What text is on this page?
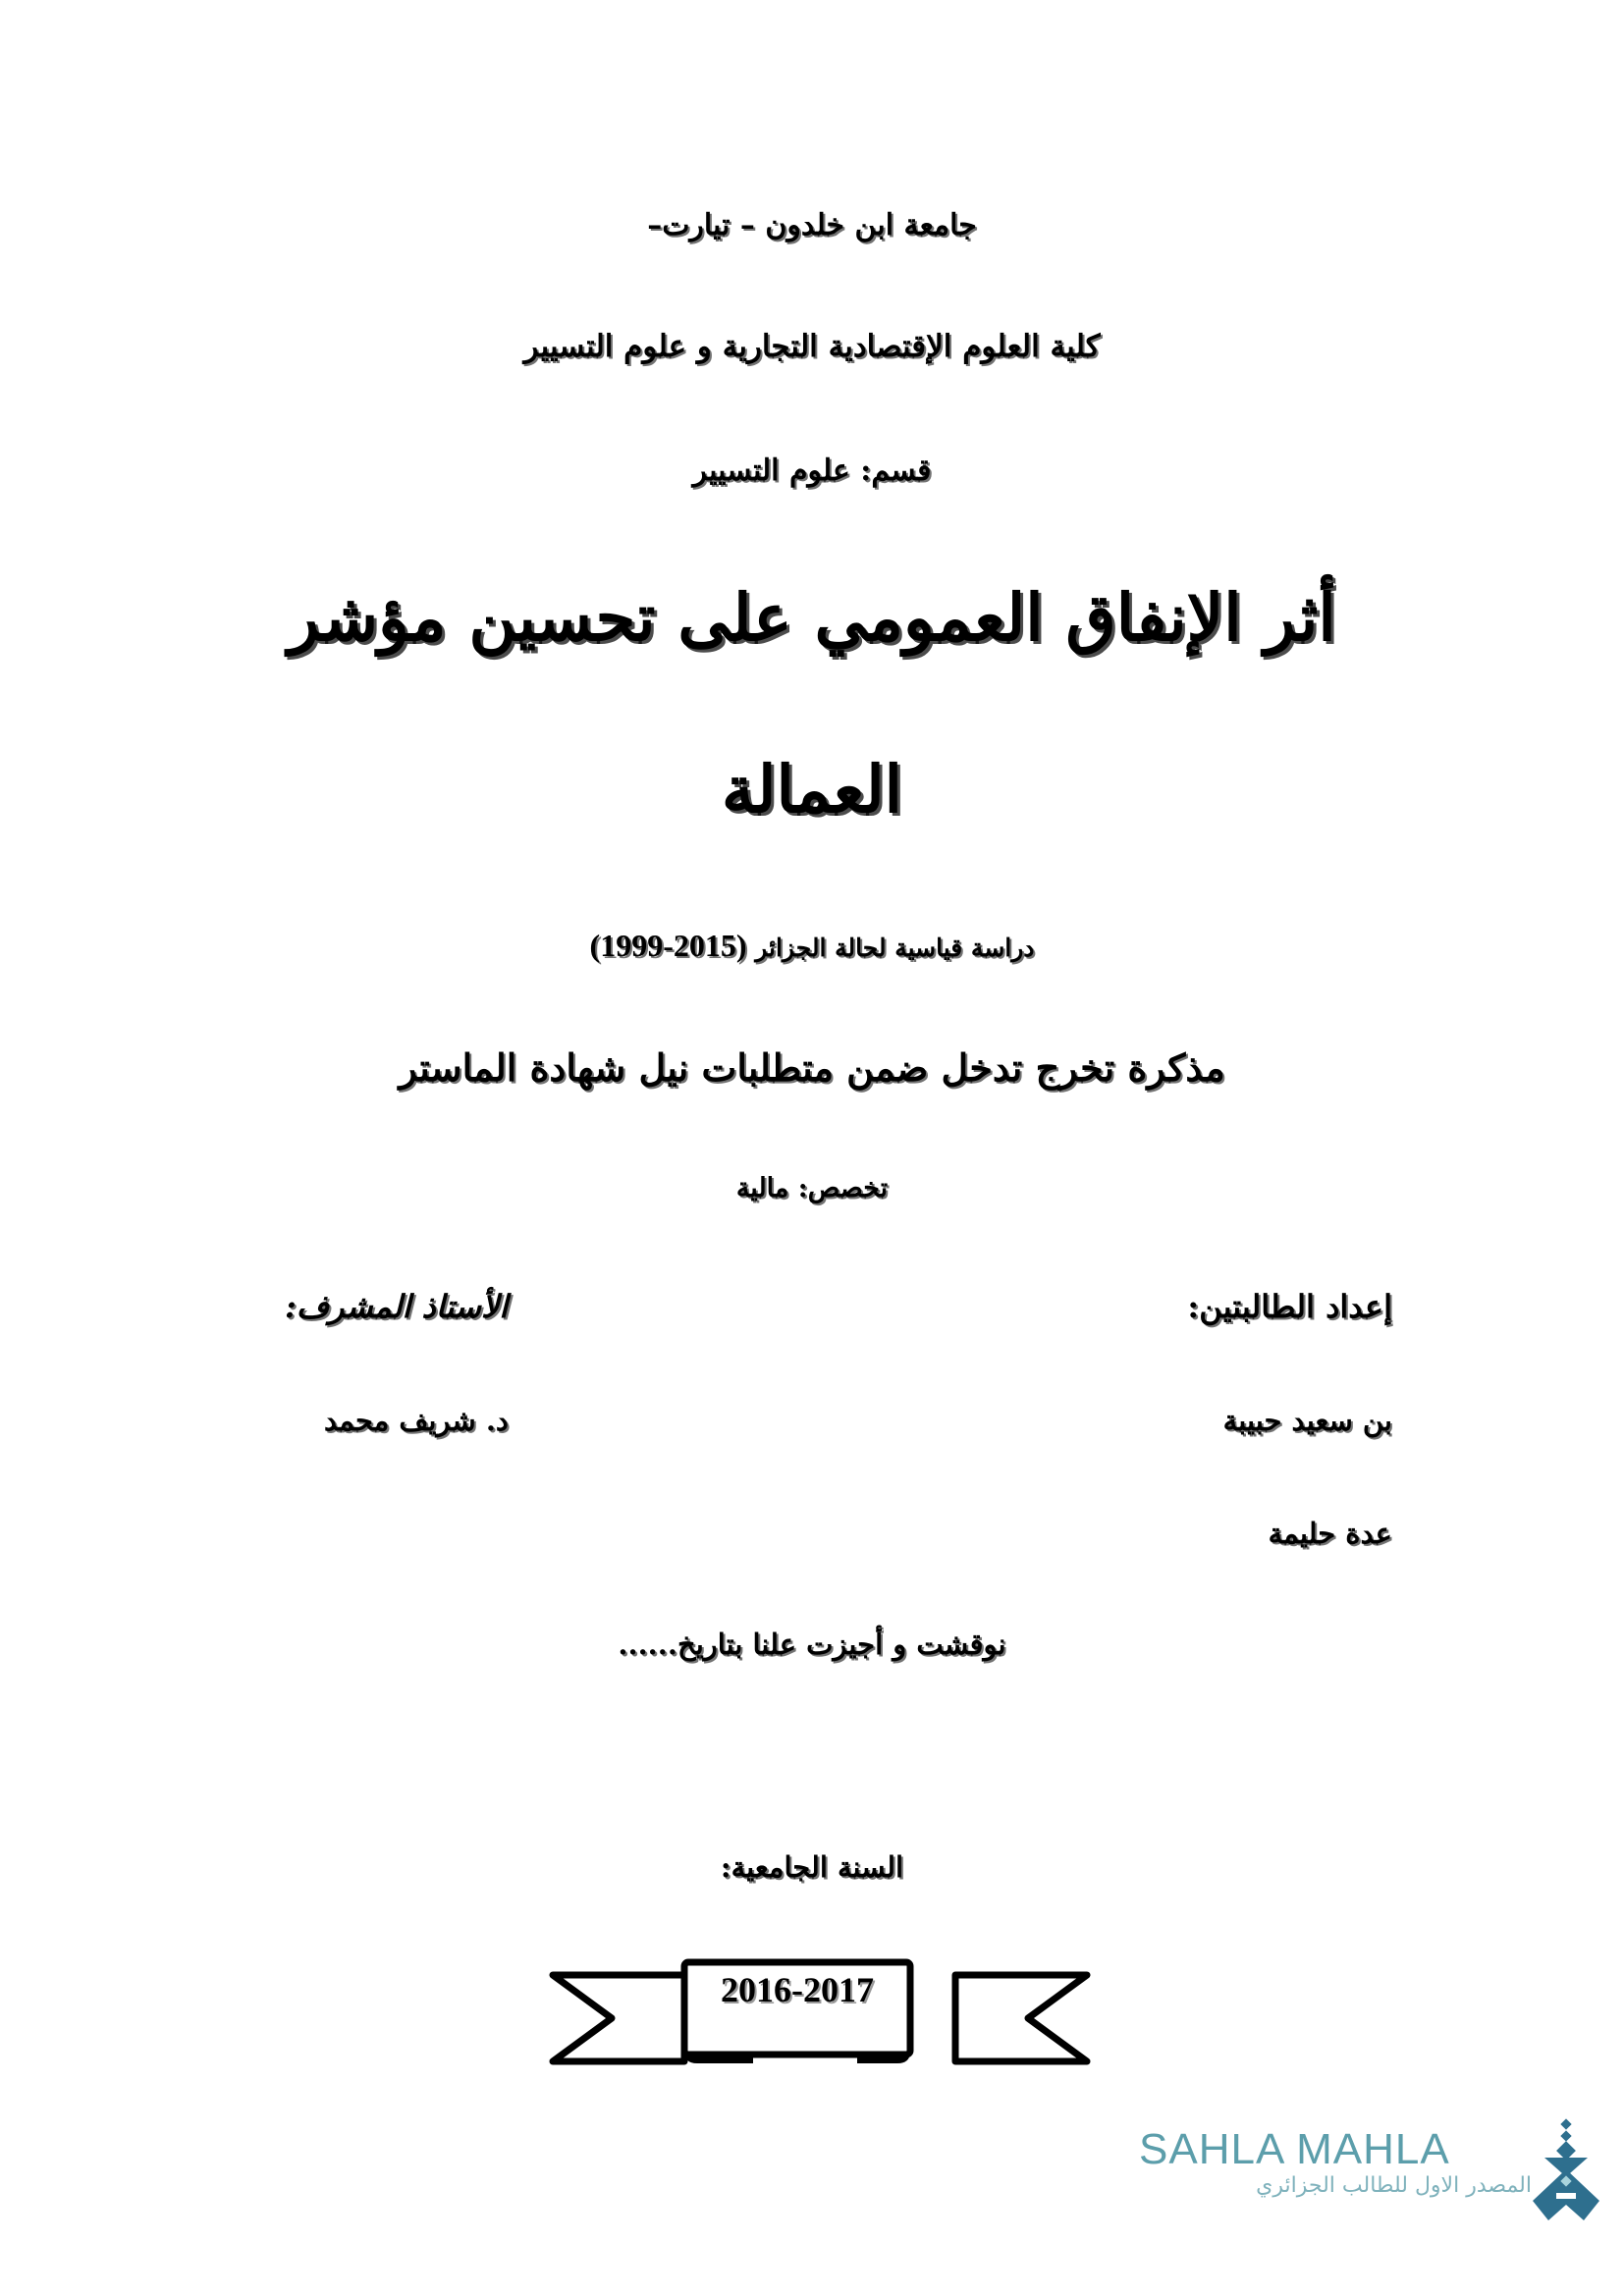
جامعة ابن خلدون – تيارت–
كلية العلوم الإقتصادية التجارية و علوم التسيير
قسم: علوم التسيير
أثر الإنفاق العمومي على تحسين مؤشر
العمالة
دراسة قياسية لحالة الجزائر (2015-1999)
مذكرة تخرج تدخل ضمن متطلبات نيل شهادة الماستر
تخصص: مالية
إعداد الطالبتين:
الأستاذ المشرف:
بن سعيد حبيبة
د. شريف محمد
عدة حليمة
نوقشت و أجيزت علنا بتاريخ......
السنة الجامعية:
2016-2017
SAHLA MAHLA
المصدر الاول للطالب الجزائري
